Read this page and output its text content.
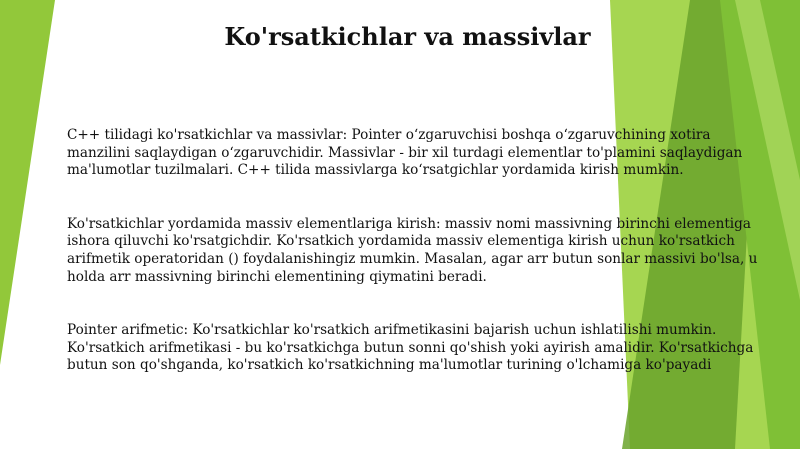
Ko'rsatkichlar va massivlar

C++ tilidagi ko'rsatkichlar va massivlar: Pointer o‘zgaruvchisi boshqa o‘zgaruvchining xotira manzilini saqlaydigan o‘zgaruvchidir. Massivlar - bir xil turdagi elementlar to'plamini saqlaydigan ma'lumotlar tuzilmalari. C++ tilida massivlarga ko‘rsatgichlar yordamida kirish mumkin.

Ko'rsatkichlar yordamida massiv elementlariga kirish: massiv nomi massivning birinchi elementiga ishora qiluvchi ko'rsatgichdir. Ko'rsatkich yordamida massiv elementiga kirish uchun ko'rsatkich arifmetik operatoridan () foydalanishingiz mumkin. Masalan, agar arr butun sonlar massivi bo'lsa, u holda arr massivning birinchi elementining qiymatini beradi.

Pointer arifmetic: Ko'rsatkichlar ko'rsatkich arifmetikasini bajarish uchun ishlatilishi mumkin. Ko'rsatkich arifmetikasi - bu ko'rsatkichga butun sonni qo'shish yoki ayirish amalidir. Ko'rsatkichga butun son qo'shganda, ko'rsatkich ko'rsatkichning ma'lumotlar turining o'lchamiga ko'payadi
